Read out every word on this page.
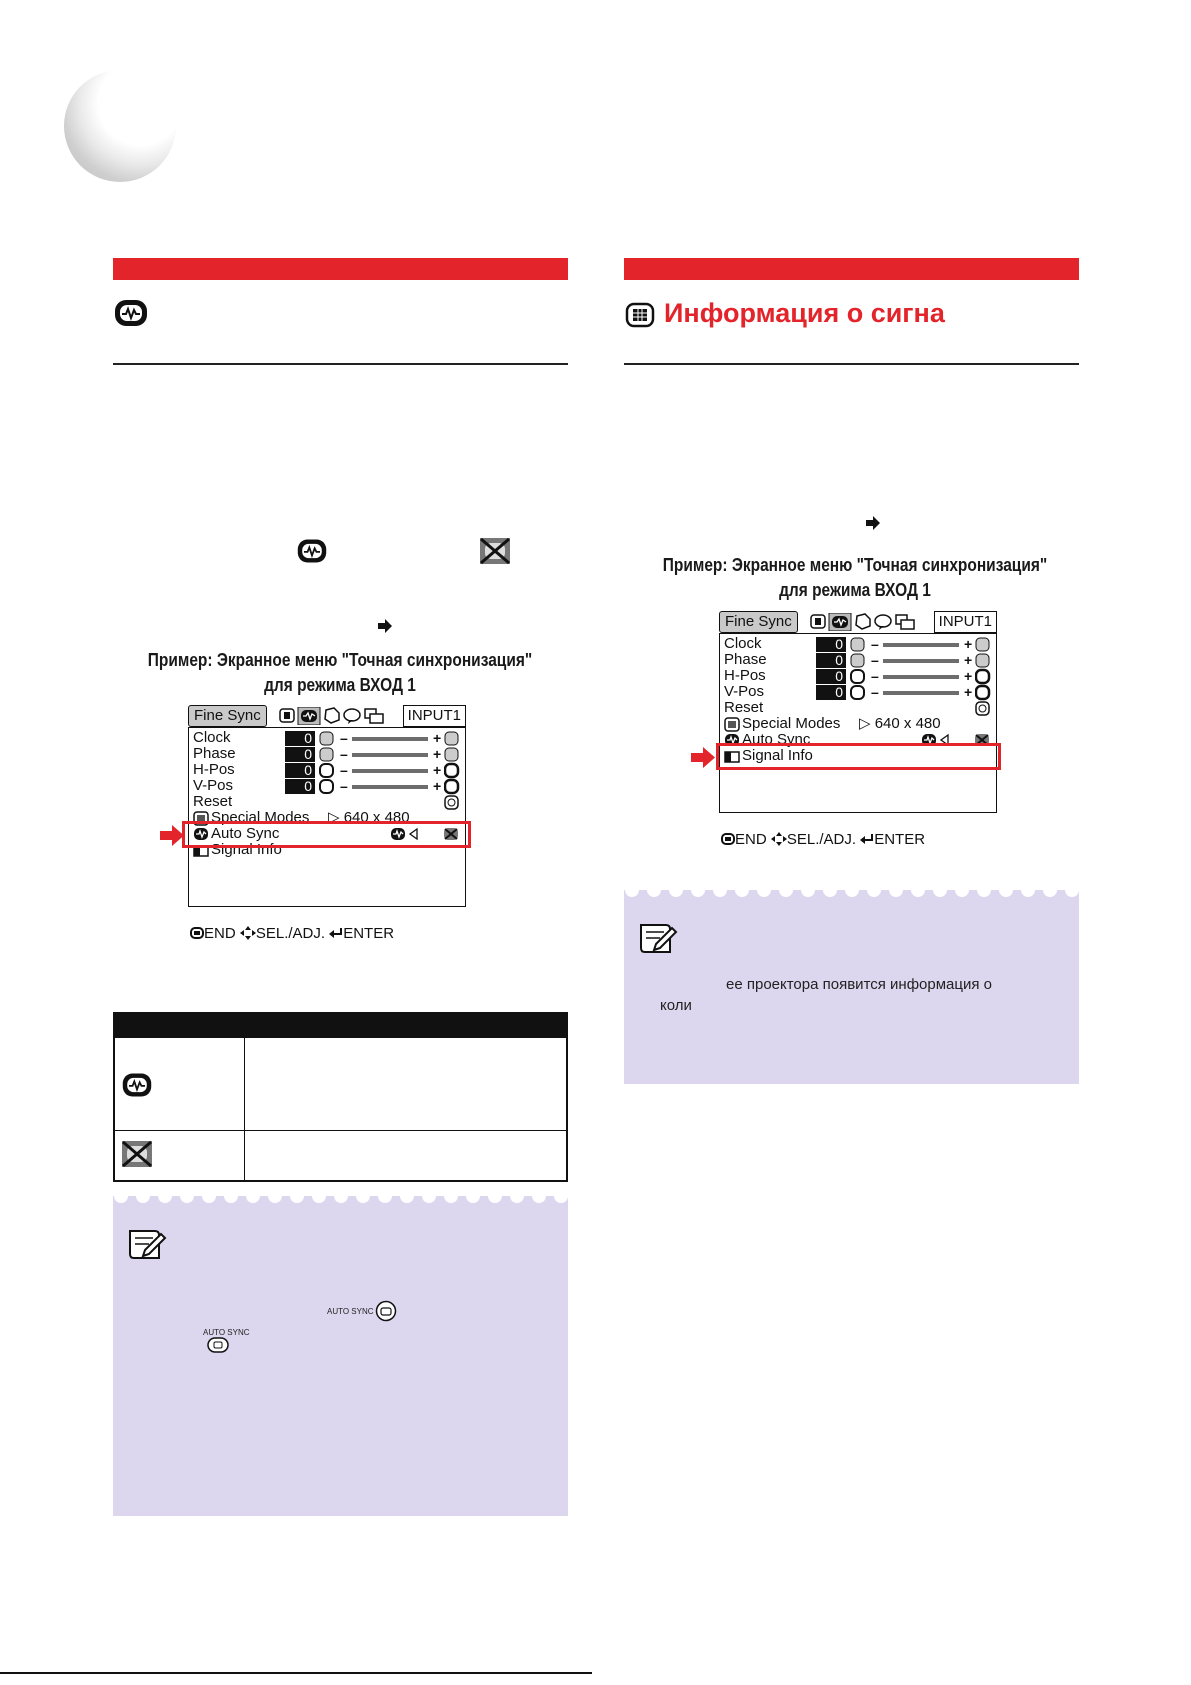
Пример: Экранное меню "Точная синхронизация"
для режима ВХОД 1
Fine Sync	INPUT1
Clock
Phase
H-Pos
V-Pos
0
0
0
0
–
–
–
–
+
+
+
+
Reset
Special Modes ▷ 640 x 480
Auto Sync
Signal Info
END SEL./ADJ. ENTER
AUTO SYNC
AUTO SYNC
Информация о сигна
Пример: Экранное меню "Точная синхронизация"
для режима ВХОД 1
Fine Sync	INPUT1
Clock
Phase
H-Pos
V-Pos
0
0
0
0
–
–
–
–
+
+
+
+
Reset
Special Modes ▷ 640 x 480
Auto Sync
Signal Info
END SEL./ADJ. ENTER
ее проектора появится информация о
коли
